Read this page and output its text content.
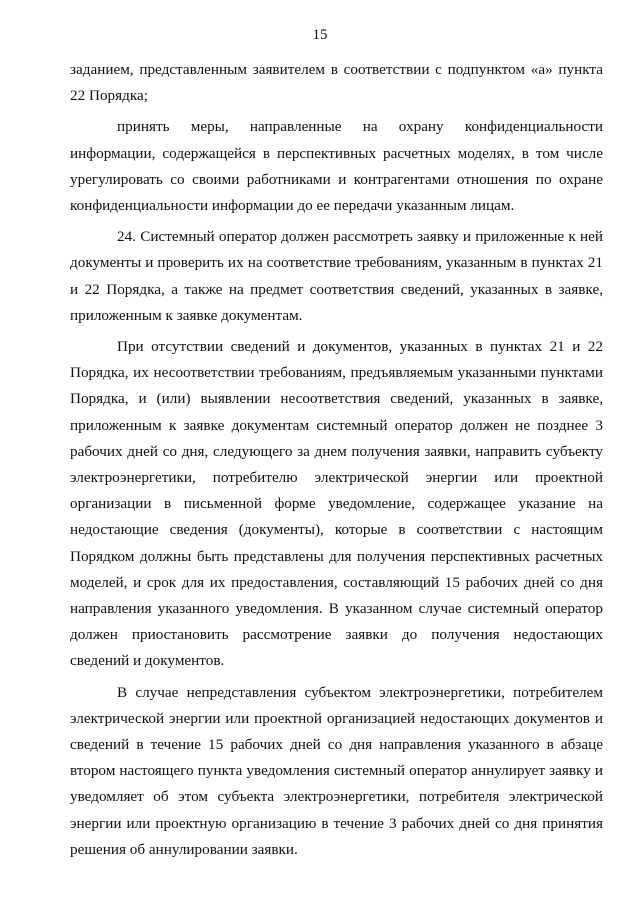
15

заданием, представленным заявителем в соответствии с подпунктом «а» пункта 22 Порядка;

принять меры, направленные на охрану конфиденциальности информации, содержащейся в перспективных расчетных моделях, в том числе урегулировать со своими работниками и контрагентами отношения по охране конфиденциальности информации до ее передачи указанным лицам.

24. Системный оператор должен рассмотреть заявку и приложенные к ней документы и проверить их на соответствие требованиям, указанным в пунктах 21 и 22 Порядка, а также на предмет соответствия сведений, указанных в заявке, приложенным к заявке документам.

При отсутствии сведений и документов, указанных в пунктах 21 и 22 Порядка, их несоответствии требованиям, предъявляемым указанными пунктами Порядка, и (или) выявлении несоответствия сведений, указанных в заявке, приложенным к заявке документам системный оператор должен не позднее 3 рабочих дней со дня, следующего за днем получения заявки, направить субъекту электроэнергетики, потребителю электрической энергии или проектной организации в письменной форме уведомление, содержащее указание на недостающие сведения (документы), которые в соответствии с настоящим Порядком должны быть представлены для получения перспективных расчетных моделей, и срок для их предоставления, составляющий 15 рабочих дней со дня направления указанного уведомления. В указанном случае системный оператор должен приостановить рассмотрение заявки до получения недостающих сведений и документов.

В случае непредставления субъектом электроэнергетики, потребителем электрической энергии или проектной организацией недостающих документов и сведений в течение 15 рабочих дней со дня направления указанного в абзаце втором настоящего пункта уведомления системный оператор аннулирует заявку и уведомляет об этом субъекта электроэнергетики, потребителя электрической энергии или проектную организацию в течение 3 рабочих дней со дня принятия решения об аннулировании заявки.
